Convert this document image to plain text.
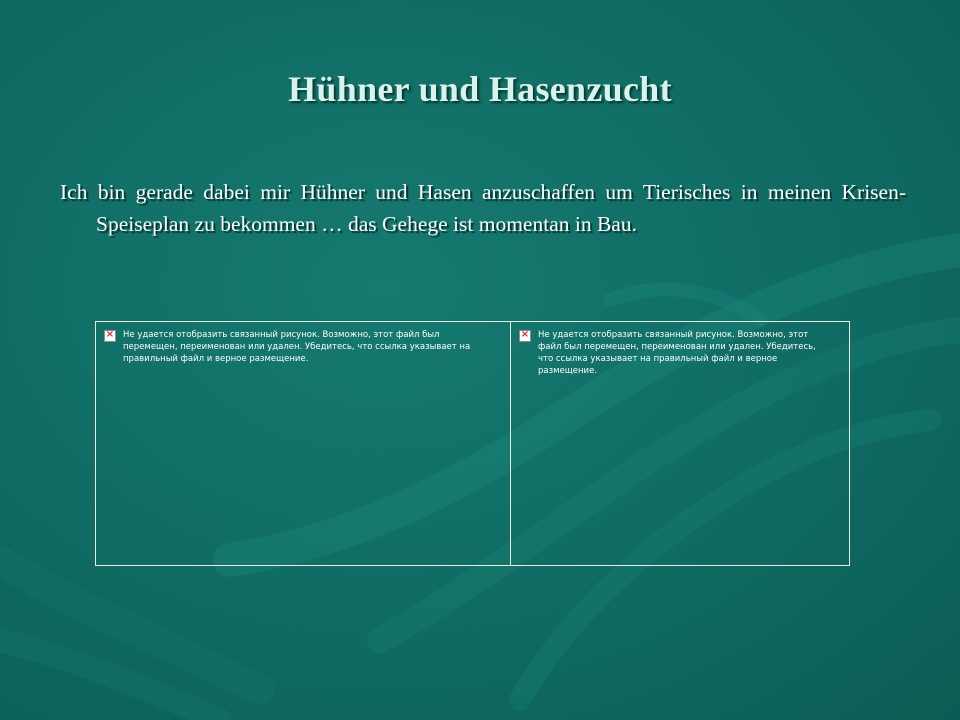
Hühner und Hasenzucht
Ich bin gerade dabei mir Hühner und Hasen anzuschaffen um Tierisches in meinen Krisen-Speiseplan zu bekommen … das Gehege ist momentan in Bau.
× Не удается отобразить связанный рисунок. Возможно, этот файл был
перемещен, переименован или удален. Убедитесь, что ссылка указывает на
правильный файл и верное размещение.
× Не удается отобразить связанный рисунок. Возможно, этот
файл был перемещен, переименован или удален. Убедитесь,
что ссылка указывает на правильный файл и верное
размещение.
